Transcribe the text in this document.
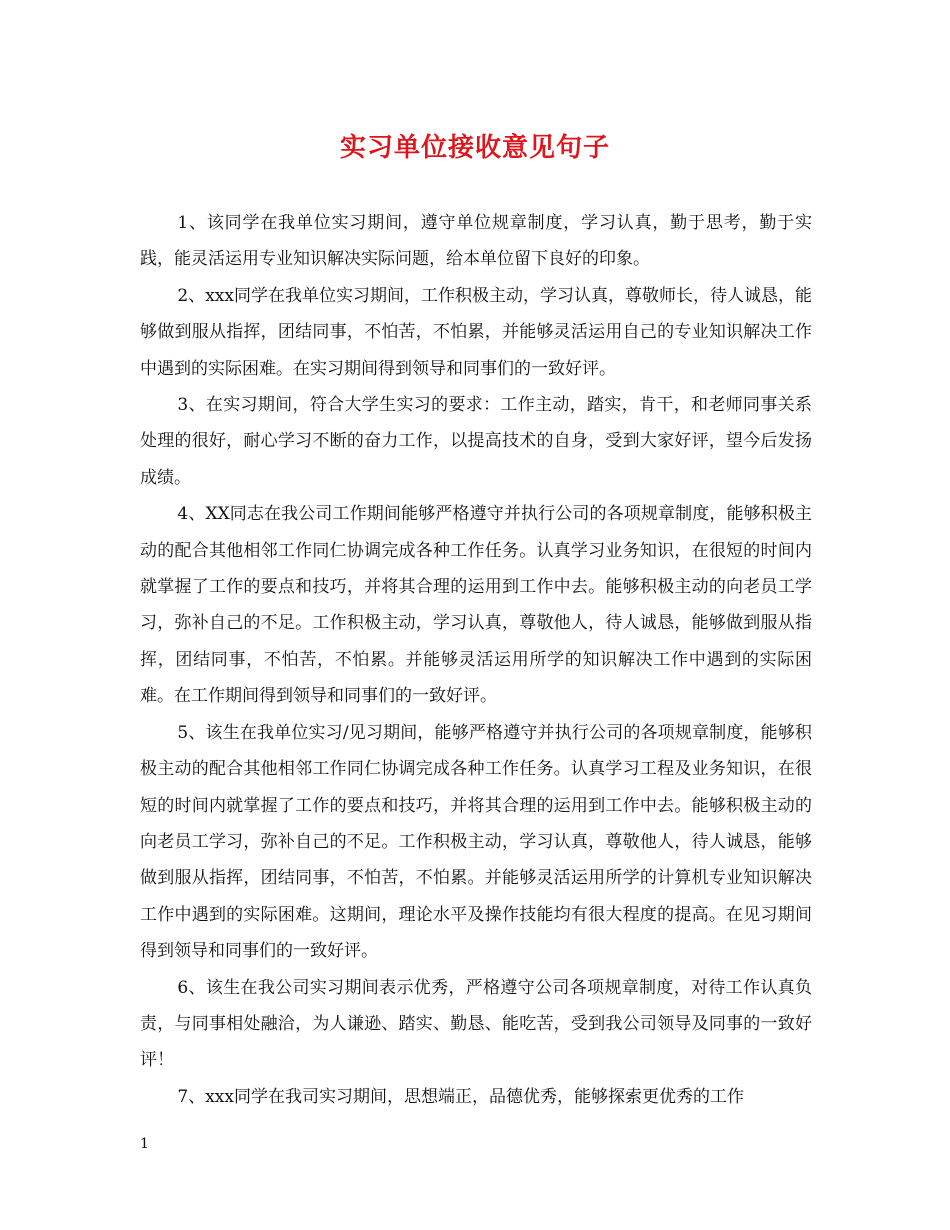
实习单位接收意见句子

1、该同学在我单位实习期间，遵守单位规章制度，学习认真，勤于思考，勤于实践，能灵活运用专业知识解决实际问题，给本单位留下良好的印象。

2、xxx同学在我单位实习期间，工作积极主动，学习认真，尊敬师长，待人诚恳，能够做到服从指挥，团结同事，不怕苦，不怕累，并能够灵活运用自己的专业知识解决工作中遇到的实际困难。在实习期间得到领导和同事们的一致好评。

3、在实习期间，符合大学生实习的要求：工作主动，踏实，肯干，和老师同事关系处理的很好，耐心学习不断的奋力工作，以提高技术的自身，受到大家好评，望今后发扬成绩。

4、XX同志在我公司工作期间能够严格遵守并执行公司的各项规章制度，能够积极主动的配合其他相邻工作同仁协调完成各种工作任务。认真学习业务知识，在很短的时间内就掌握了工作的要点和技巧，并将其合理的运用到工作中去。能够积极主动的向老员工学习，弥补自己的不足。工作积极主动，学习认真，尊敬他人，待人诚恳，能够做到服从指挥，团结同事，不怕苦，不怕累。并能够灵活运用所学的知识解决工作中遇到的实际困难。在工作期间得到领导和同事们的一致好评。

5、该生在我单位实习/见习期间，能够严格遵守并执行公司的各项规章制度，能够积极主动的配合其他相邻工作同仁协调完成各种工作任务。认真学习工程及业务知识，在很短的时间内就掌握了工作的要点和技巧，并将其合理的运用到工作中去。能够积极主动的向老员工学习，弥补自己的不足。工作积极主动，学习认真，尊敬他人，待人诚恳，能够做到服从指挥，团结同事，不怕苦，不怕累。并能够灵活运用所学的计算机专业知识解决工作中遇到的实际困难。这期间，理论水平及操作技能均有很大程度的提高。在见习期间得到领导和同事们的一致好评。

6、该生在我公司实习期间表示优秀，严格遵守公司各项规章制度，对待工作认真负责，与同事相处融洽，为人谦逊、踏实、勤恳、能吃苦，受到我公司领导及同事的一致好评！

7、xxx同学在我司实习期间，思想端正，品德优秀，能够探索更优秀的工作

1
